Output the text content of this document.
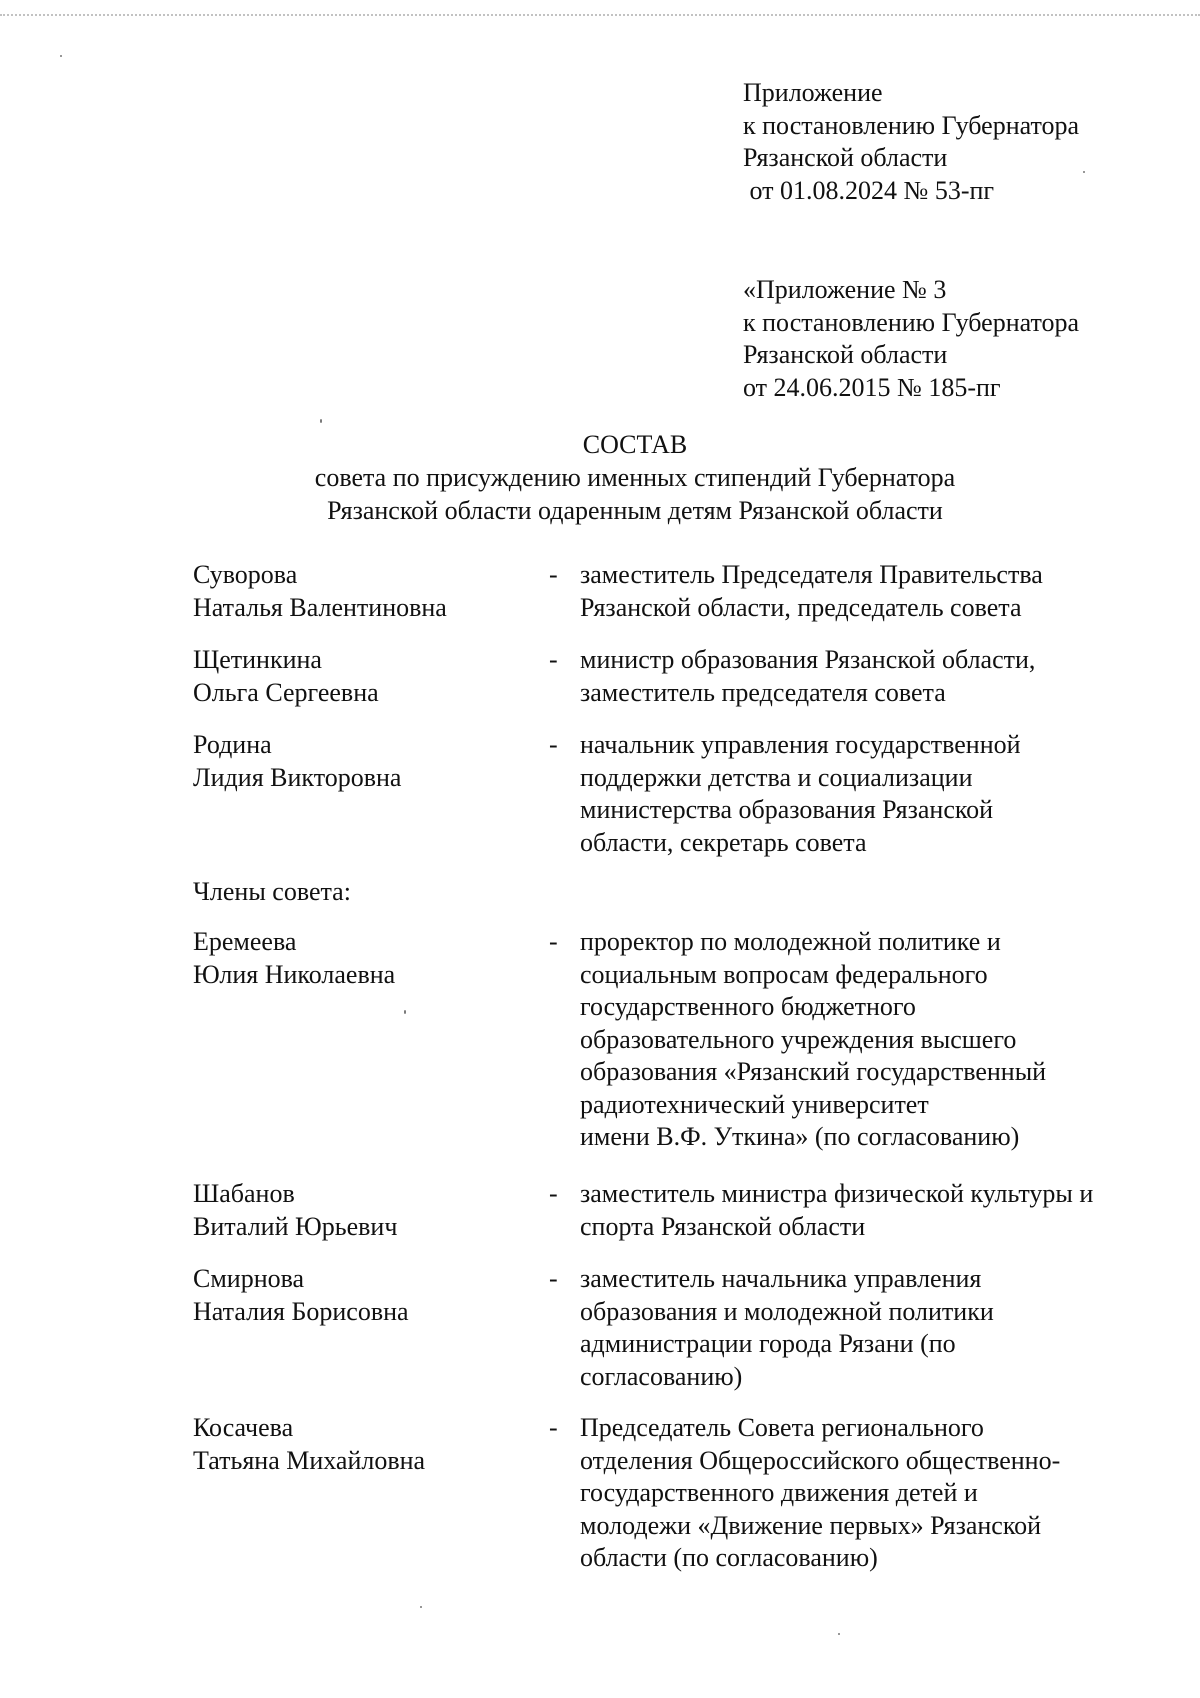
Приложение
к постановлению Губернатора
Рязанской области
от 01.08.2024 № 53-пг
«Приложение № 3
к постановлению Губернатора
Рязанской области
от 24.06.2015 № 185-пг
СОСТАВ
совета по присуждению именных стипендий Губернатора
Рязанской области одаренным детям Рязанской области
Суворова
Наталья Валентиновна
- заместитель Председателя Правительства
Рязанской области, председатель совета
Щетинкина
Ольга Сергеевна
- министр образования Рязанской области,
заместитель председателя совета
Родина
Лидия Викторовна
- начальник управления государственной
поддержки детства и социализации
министерства образования Рязанской
области, секретарь совета
Члены совета:
Еремеева
Юлия Николаевна
- проректор по молодежной политике и
социальным вопросам федерального
государственного бюджетного
образовательного учреждения высшего
образования «Рязанский государственный
радиотехнический университет
имени В.Ф. Уткина» (по согласованию)
Шабанов
Виталий Юрьевич
- заместитель министра физической культуры и
спорта Рязанской области
Смирнова
Наталия Борисовна
- заместитель начальника управления
образования и молодежной политики
администрации города Рязани (по
согласованию)
Косачева
Татьяна Михайловна
- Председатель Совета регионального
отделения Общероссийского общественно-
государственного движения детей и
молодежи «Движение первых» Рязанской
области (по согласованию)
